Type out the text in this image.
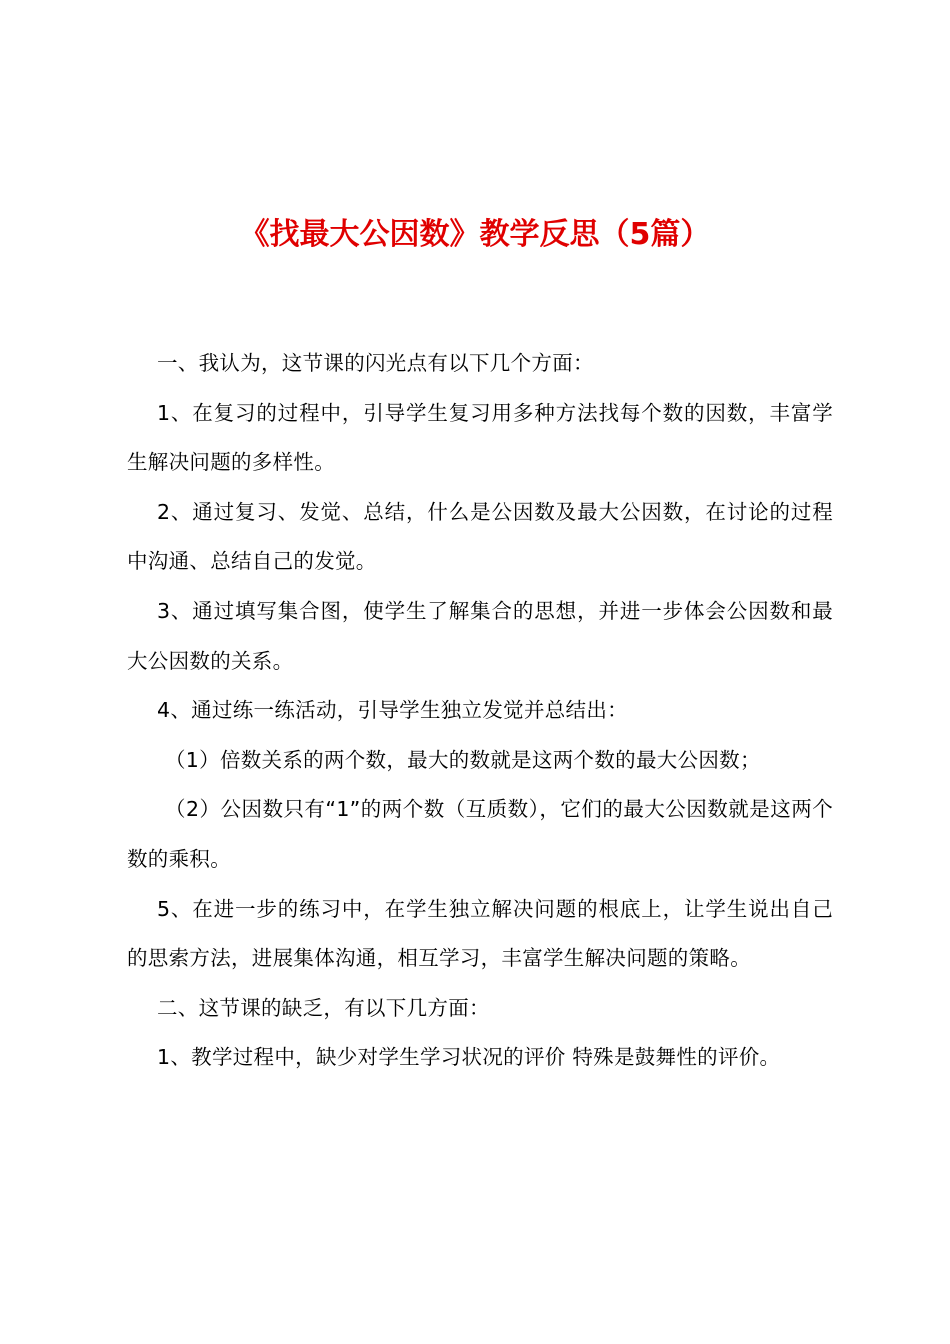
《找最大公因数》教学反思（5篇）

一、我认为，这节课的闪光点有以下几个方面：

1、在复习的过程中，引导学生复习用多种方法找每个数的因数，丰富学生解决问题的多样性。

2、通过复习、发觉、总结，什么是公因数及最大公因数，在讨论的过程中沟通、总结自己的发觉。

3、通过填写集合图，使学生了解集合的思想，并进一步体会公因数和最大公因数的关系。

4、通过练一练活动，引导学生独立发觉并总结出：

（1）倍数关系的两个数，最大的数就是这两个数的最大公因数；

（2）公因数只有“1”的两个数（互质数），它们的最大公因数就是这两个数的乘积。

5、在进一步的练习中，在学生独立解决问题的根底上，让学生说出自己的思索方法，进展集体沟通，相互学习，丰富学生解决问题的策略。

二、这节课的缺乏，有以下几方面：

1、教学过程中，缺少对学生学习状况的评价 特殊是鼓舞性的评价。
